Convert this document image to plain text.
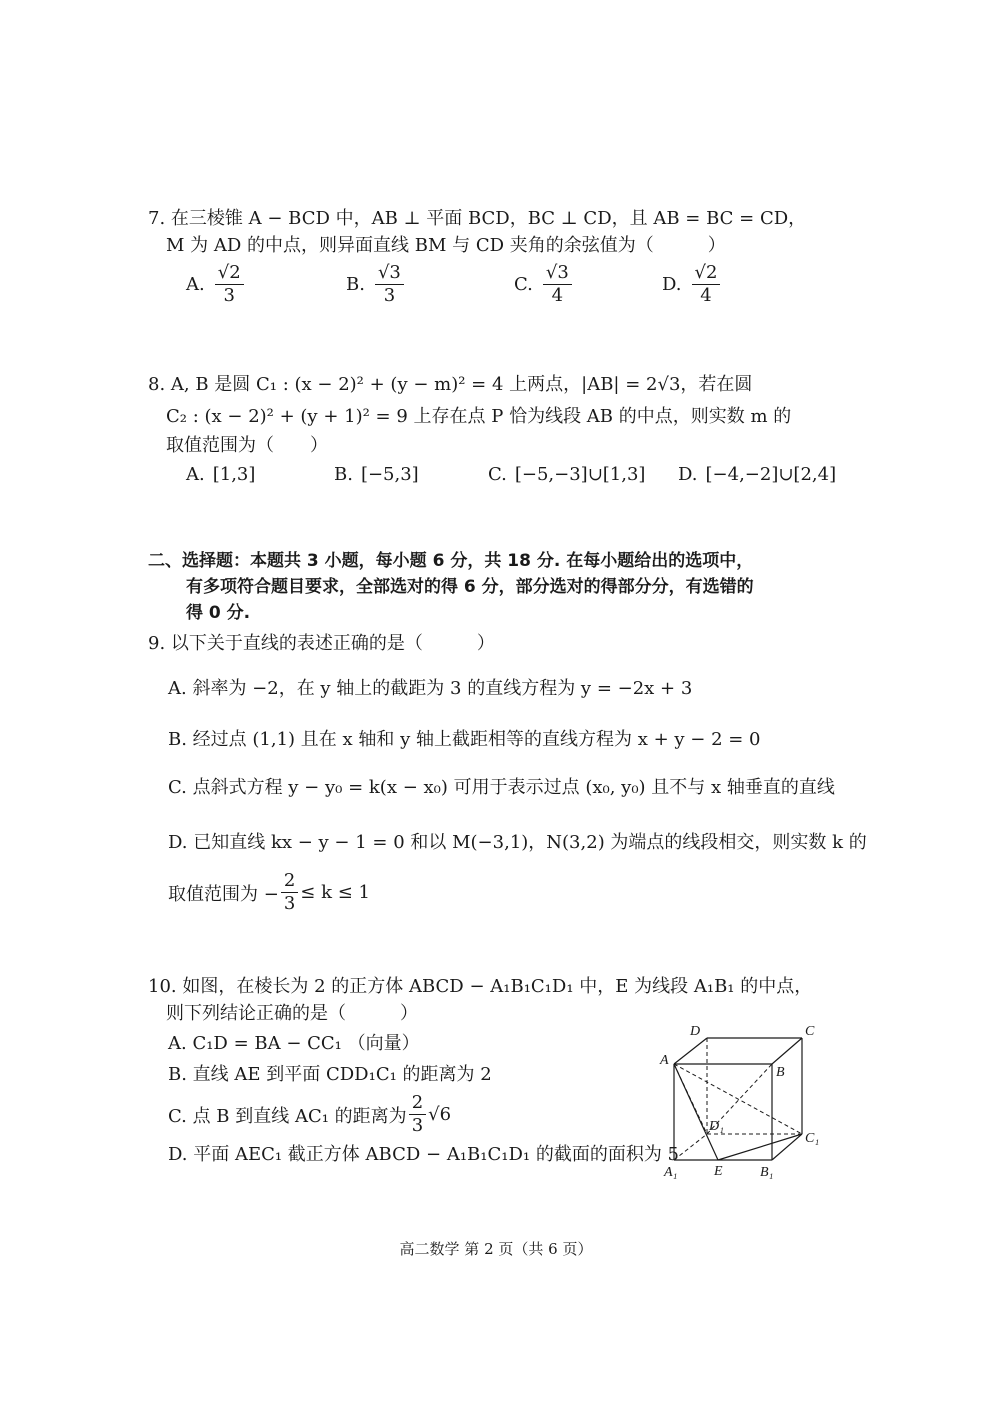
7. 在三棱锥 A − BCD 中，AB ⊥ 平面 BCD，BC ⊥ CD，且 AB = BC = CD，
M 为 AD 的中点，则异面直线 BM 与 CD 夹角的余弦值为（　　　）
A. $\frac{√2}{3}$	B. $\frac{√3}{3}$	C. $\frac{√3}{4}$	D. $\frac{√2}{4}$
8. A, B 是圆 C₁ : (x − 2)² + (y − m)² = 4 上两点，|AB| = 2√3，若在圆
C₂ : (x − 2)² + (y + 1)² = 9 上存在点 P 恰为线段 AB 的中点，则实数 m 的
取值范围为（　　）
A. [1,3]	B. [−5,3]	C. [−5,−3]∪[1,3] D. [−4,−2]∪[2,4]
二、选择题：本题共 3 小题，每小题 6 分，共 18 分. 在每小题给出的选项中，
有多项符合题目要求，全部选对的得 6 分，部分选对的得部分分，有选错的
得 0 分.
9. 以下关于直线的表述正确的是（　　　）
A. 斜率为 −2，在 y 轴上的截距为 3 的直线方程为 y = −2x + 3
B. 经过点 (1,1) 且在 x 轴和 y 轴上截距相等的直线方程为 x + y − 2 = 0
C. 点斜式方程 y − y₀ = k(x − x₀) 可用于表示过点 (x₀, y₀) 且不与 x 轴垂直的直线
D. 已知直线 kx − y − 1 = 0 和以 M(−3,1)，N(3,2) 为端点的线段相交，则实数 k 的
取值范围为 − $\frac{2}{3} \le k \le 1$
10. 如图，在棱长为 2 的正方体 ABCD − A₁B₁C₁D₁ 中，E 为线段 A₁B₁ 的中点，
则下列结论正确的是（　　　）
A. C₁D = BA − CC₁ （向量）
B. 直线 AE 到平面 CDD₁C₁ 的距离为 2
C. 点 B 到直线 AC₁ 的距离为 $\frac{2}{3} √6$
D. 平面 AEC₁ 截正方体 ABCD − A₁B₁C₁D₁ 的截面的面积为 5
D	C
A
B
D₁
C₁
A₁	E	B₁
高二数学 第 2 页（共 6 页）
